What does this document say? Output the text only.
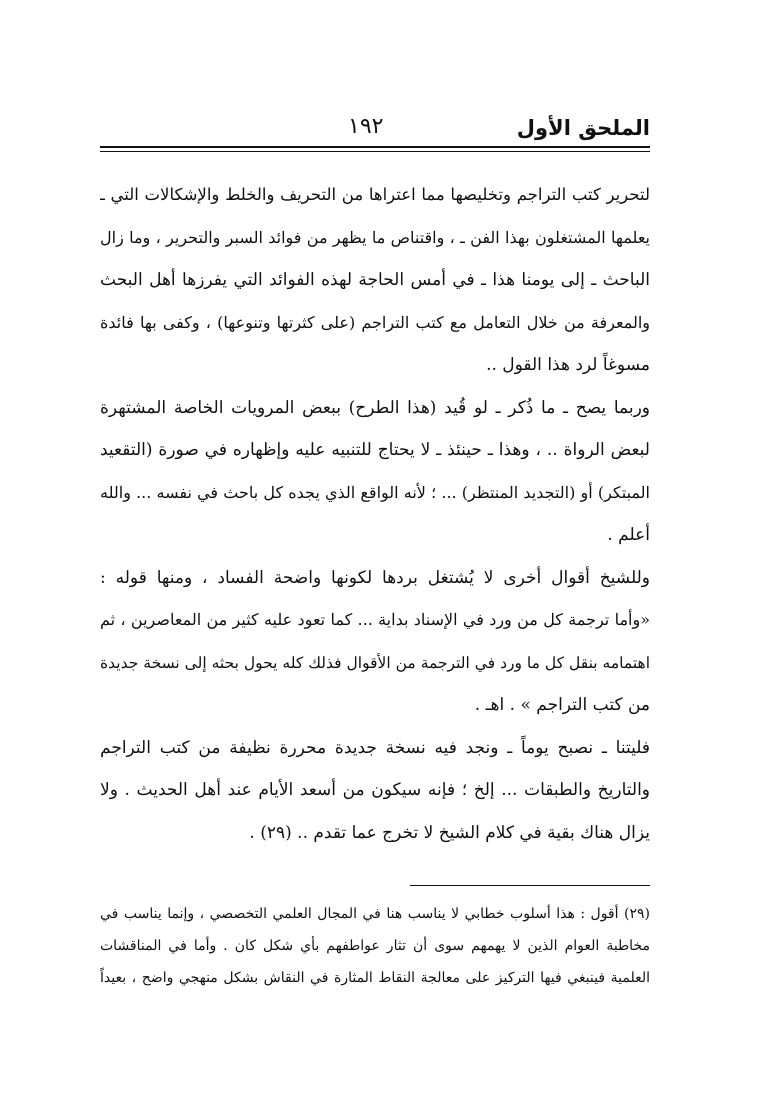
الملحق الأول
١٩٢
لتحرير كتب التراجم وتخليصها مما اعتراها من التحريف والخلط والإشكالات التي ـ
يعلمها المشتغلون بهذا الفن ـ ، واقتناص ما يظهر من فوائد السبر والتحرير ، وما زال
الباحث ـ إلى يومنا هذا ـ في أمس الحاجة لهذه الفوائد التي يفرزها أهل البحث
والمعرفة من خلال التعامل مع كتب التراجم (على كثرتها وتنوعها) ، وكفى بها فائدة
مسوغاً لرد هذا القول ..
وربما يصح ـ ما ذُكر ـ لو قُيد (هذا الطرح) ببعض المرويات الخاصة المشتهرة
لبعض الرواة .. ، وهذا ـ حينئذ ـ لا يحتاج للتنبيه عليه وإظهاره في صورة (التقعيد
المبتكر) أو (التجديد المنتظر) ... ؛ لأنه الواقع الذي يجده كل باحث في نفسه ... والله
أعلم .
وللشيخ أقوال أخرى لا يُشتغل بردها لكونها واضحة الفساد ، ومنها قوله :
«وأما ترجمة كل من ورد في الإسناد بداية ... كما تعود عليه كثير من المعاصرين ، ثم
اهتمامه بنقل كل ما ورد في الترجمة من الأقوال فذلك كله يحول بحثه إلى نسخة جديدة
من كتب التراجم » . اهـ .
فليتنا ـ نصبح يوماً ـ ونجد فيه نسخة جديدة محررة نظيفة من كتب التراجم
والتاريخ والطبقات ... إلخ ؛ فإنه سيكون من أسعد الأيام عند أهل الحديث . ولا
يزال هناك بقية في كلام الشيخ لا تخرج عما تقدم .. (٢٩) .
(٢٩) أقول : هذا أسلوب خطابي لا يناسب هنا في المجال العلمي التخصصي ، وإنما يناسب في
مخاطبة العوام الذين لا يهمهم سوى أن تثار عواطفهم بأي شكل كان . وأما في المناقشات
العلمية فينبغي فيها التركيز على معالجة النقاط المثارة في النقاش بشكل منهجي واضح ، بعيداً
